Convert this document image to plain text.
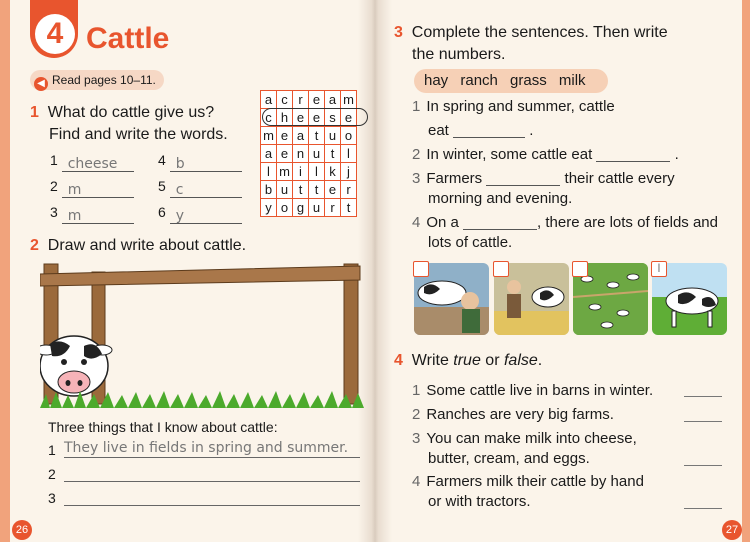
4 Cattle
◀ Read pages 10–11.
1 What do cattle give us?
Find and write the words.
1 cheese	4 b
2 m	5 c
3 m	6 y
a	c	r	e	a	m
c	h	e	e	s	e
m	e	a	t	u	o
a	e	n	u	t	l
l	m	i	l	k	j
b	u	t	t	e	r
y	o	g	u	r	t
2 Draw and write about cattle.
Three things that I know about cattle:
1 They live in fields in spring and summer.
2
3
26
3 Complete the sentences. Then write
the numbers.
hay ranch grass milk
1 In spring and summer, cattle
eat	.
2 In winter, some cattle eat	.
3 Farmers	their cattle every
morning and evening.
4 On a	, there are lots of fields and
lots of cattle.
l
4 Write true or false.
1 Some cattle live in barns in winter.
2 Ranches are very big farms.
3 You can make milk into cheese,
butter, cream, and eggs.
4 Farmers milk their cattle by hand
or with tractors.
27
